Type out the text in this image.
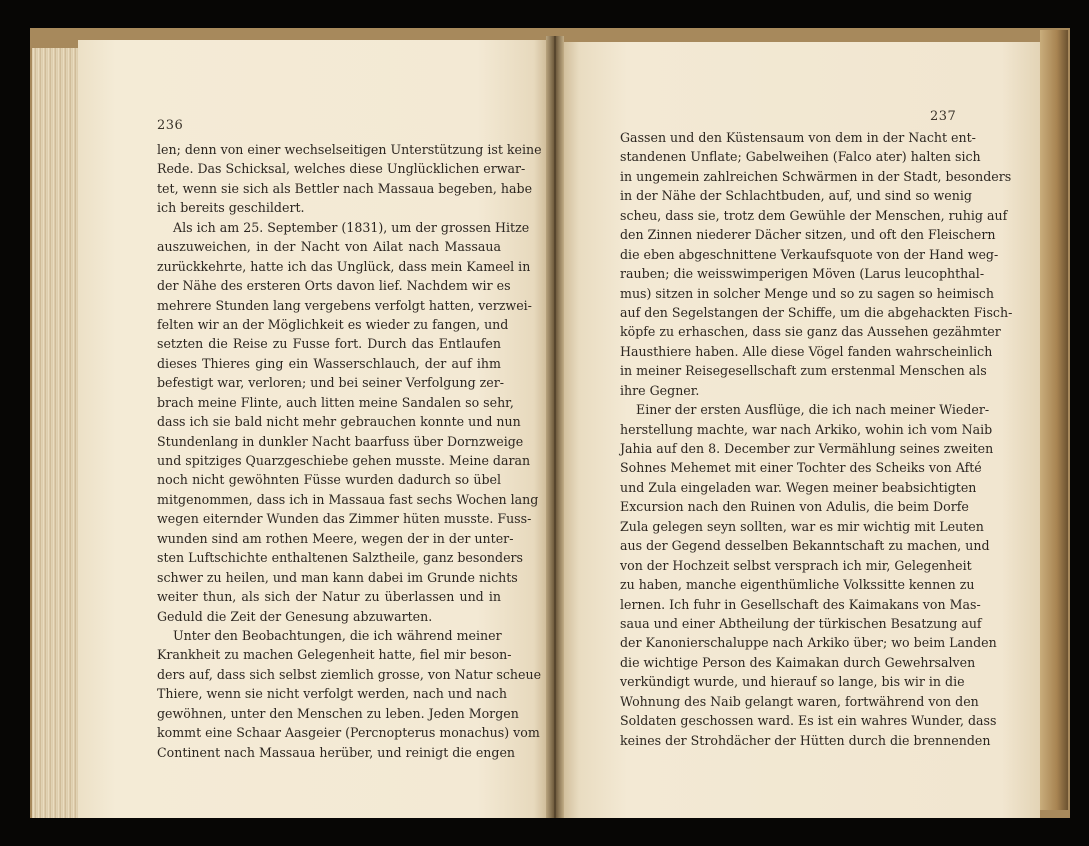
236
237
len; denn von einer wechselseitigen Unterstützung ist keine
Rede. Das Schicksal, welches diese Unglücklichen erwar-
tet, wenn sie sich als Bettler nach Massaua begeben, habe
ich bereits geschildert.
Als ich am 25. September (1831), um der grossen Hitze
auszuweichen, in der Nacht von Ailat nach Massaua
zurückkehrte, hatte ich das Unglück, dass mein Kameel in
der Nähe des ersteren Orts davon lief. Nachdem wir es
mehrere Stunden lang vergebens verfolgt hatten, verzwei-
felten wir an der Möglichkeit es wieder zu fangen, und
setzten die Reise zu Fusse fort. Durch das Entlaufen
dieses Thieres ging ein Wasserschlauch, der auf ihm
befestigt war, verloren; und bei seiner Verfolgung zer-
brach meine Flinte, auch litten meine Sandalen so sehr,
dass ich sie bald nicht mehr gebrauchen konnte und nun
Stundenlang in dunkler Nacht baarfuss über Dornzweige
und spitziges Quarzgeschiebe gehen musste. Meine daran
noch nicht gewöhnten Füsse wurden dadurch so übel
mitgenommen, dass ich in Massaua fast sechs Wochen lang
wegen eiternder Wunden das Zimmer hüten musste. Fuss-
wunden sind am rothen Meere, wegen der in der unter-
sten Luftschichte enthaltenen Salztheile, ganz besonders
schwer zu heilen, und man kann dabei im Grunde nichts
weiter thun, als sich der Natur zu überlassen und in
Geduld die Zeit der Genesung abzuwarten.
Unter den Beobachtungen, die ich während meiner
Krankheit zu machen Gelegenheit hatte, fiel mir beson-
ders auf, dass sich selbst ziemlich grosse, von Natur scheue
Thiere, wenn sie nicht verfolgt werden, nach und nach
gewöhnen, unter den Menschen zu leben. Jeden Morgen
kommt eine Schaar Aasgeier (Percnopterus monachus) vom
Continent nach Massaua herüber, und reinigt die engen
Gassen und den Küstensaum von dem in der Nacht ent-
standenen Unflate; Gabelweihen (Falco ater) halten sich
in ungemein zahlreichen Schwärmen in der Stadt, besonders
in der Nähe der Schlachtbuden, auf, und sind so wenig
scheu, dass sie, trotz dem Gewühle der Menschen, ruhig auf
den Zinnen niederer Dächer sitzen, und oft den Fleischern
die eben abgeschnittene Verkaufsquote von der Hand weg-
rauben; die weisswimperigen Möven (Larus leucophthal-
mus) sitzen in solcher Menge und so zu sagen so heimisch
auf den Segelstangen der Schiffe, um die abgehackten Fisch-
köpfe zu erhaschen, dass sie ganz das Aussehen gezähmter
Hausthiere haben. Alle diese Vögel fanden wahrscheinlich
in meiner Reisegesellschaft zum erstenmal Menschen als
ihre Gegner.
Einer der ersten Ausflüge, die ich nach meiner Wieder-
herstellung machte, war nach Arkiko, wohin ich vom Naib
Jahia auf den 8. December zur Vermählung seines zweiten
Sohnes Mehemet mit einer Tochter des Scheiks von Afté
und Zula eingeladen war. Wegen meiner beabsichtigten
Excursion nach den Ruinen von Adulis, die beim Dorfe
Zula gelegen seyn sollten, war es mir wichtig mit Leuten
aus der Gegend desselben Bekanntschaft zu machen, und
von der Hochzeit selbst versprach ich mir, Gelegenheit
zu haben, manche eigenthümliche Volkssitte kennen zu
lernen. Ich fuhr in Gesellschaft des Kaimakans von Mas-
saua und einer Abtheilung der türkischen Besatzung auf
der Kanonierschaluppe nach Arkiko über; wo beim Landen
die wichtige Person des Kaimakan durch Gewehrsalven
verkündigt wurde, und hierauf so lange, bis wir in die
Wohnung des Naib gelangt waren, fortwährend von den
Soldaten geschossen ward. Es ist ein wahres Wunder, dass
keines der Strohdächer der Hütten durch die brennenden
